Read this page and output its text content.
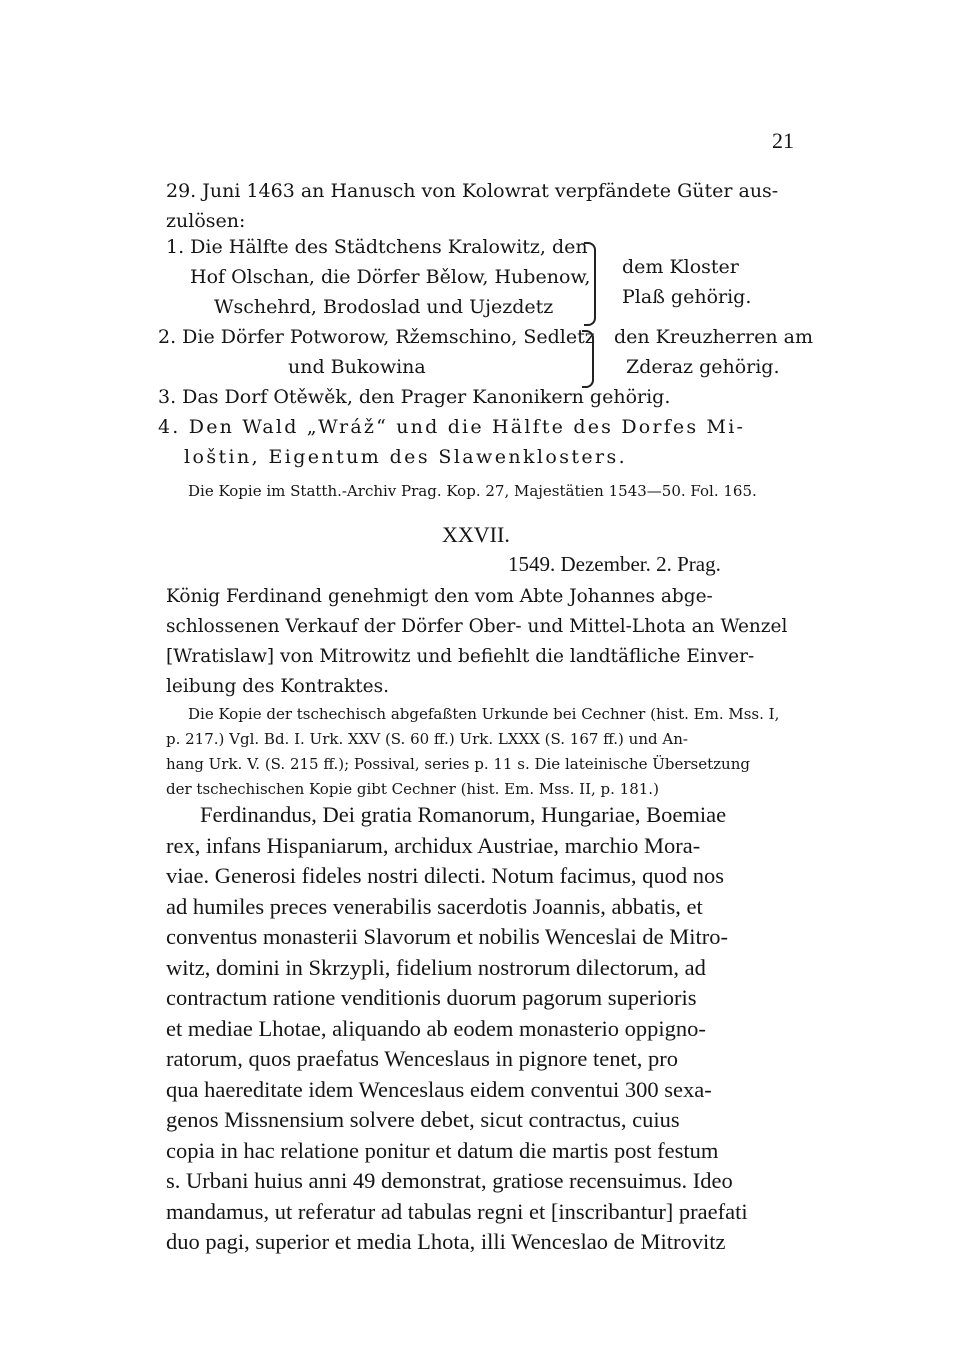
21
29. Juni 1463 an Hanusch von Kolowrat verpfändete Güter aus-
zulösen:
1. Die Hälfte des Städtchens Kralowitz, den
Hof Olschan, die Dörfer Bělow, Hubenow,
Wschehrd, Brodoslad und Ujezdetz
dem Kloster
Plaß gehörig.
2. Die Dörfer Potworow, Ržemschino, Sedletz
und Bukowina
den Kreuzherren am
Zderaz gehörig.
3. Das Dorf Otěwěk, den Prager Kanonikern gehörig.
4. Den Wald „Wráž“ und die Hälfte des Dorfes Mi-
loštin, Eigentum des Slawenklosters.
Die Kopie im Statth.-Archiv Prag. Kop. 27, Majestätien 1543—50. Fol. 165.
XXVII.
1549. Dezember. 2. Prag.
König Ferdinand genehmigt den vom Abte Johannes abge-
schlossenen Verkauf der Dörfer Ober- und Mittel-Lhota an Wenzel
[Wratislaw] von Mitrowitz und befiehlt die landtäfliche Einver-
leibung des Kontraktes.
Die Kopie der tschechisch abgefaßten Urkunde bei Cechner (hist. Em. Mss. I,
p. 217.) Vgl. Bd. I. Urk. XXV (S. 60 ff.) Urk. LXXX (S. 167 ff.) und An-
hang Urk. V. (S. 215 ff.); Possival, series p. 11 s. Die lateinische Übersetzung
der tschechischen Kopie gibt Cechner (hist. Em. Mss. II, p. 181.)
Ferdinandus, Dei gratia Romanorum, Hungariae, Boemiae
rex, infans Hispaniarum, archidux Austriae, marchio Mora-
viae. Generosi fideles nostri dilecti. Notum facimus, quod nos
ad humiles preces venerabilis sacerdotis Joannis, abbatis, et
conventus monasterii Slavorum et nobilis Wenceslai de Mitro-
witz, domini in Skrzypli, fidelium nostrorum dilectorum, ad
contractum ratione venditionis duorum pagorum superioris
et mediae Lhotae, aliquando ab eodem monasterio oppigno-
ratorum, quos praefatus Wenceslaus in pignore tenet, pro
qua haereditate idem Wenceslaus eidem conventui 300 sexa-
genos Missnensium solvere debet, sicut contractus, cuius
copia in hac relatione ponitur et datum die martis post festum
s. Urbani huius anni 49 demonstrat, gratiose recensuimus. Ideo
mandamus, ut referatur ad tabulas regni et [inscribantur] praefati
duo pagi, superior et media Lhota, illi Wenceslao de Mitrovitz
